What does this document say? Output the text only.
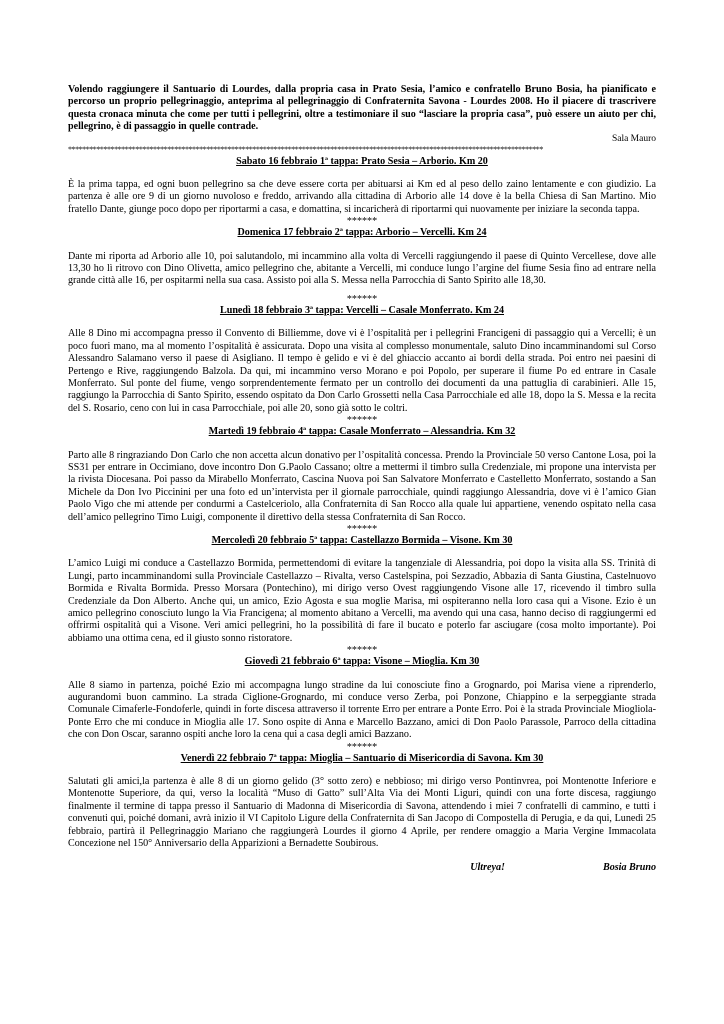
Volendo raggiungere il Santuario di Lourdes, dalla propria casa in Prato Sesia, l’amico e confratello Bruno Bosia, ha pianificato e percorso un proprio pellegrinaggio, anteprima al pellegrinaggio di Confraternita Savona - Lourdes 2008. Ho il piacere di trascrivere questa cronaca minuta che come per tutti i pellegrini, oltre a testimoniare il suo “lasciare la propria casa”, può essere un aiuto per chi, pellegrino, è di passaggio in quelle contrade.

Sala Mauro

**************************************************************************************************************************************

Sabato 16 febbraio 1ª tappa: Prato Sesia – Arborio. Km 20

È la prima tappa, ed ogni buon pellegrino sa che deve essere corta per abituarsi ai Km ed al peso dello zaino lentamente e con giudizio. La partenza è alle ore 9 di un giorno nuvoloso e freddo, arrivando alla cittadina di Arborio alle 14 dove è la bella Chiesa di San Martino. Mio fratello Dante, giunge poco dopo per riportarmi a casa, e domattina, si incaricherà di riportarmi qui nuovamente per iniziare la seconda tappa.

******

Domenica 17 febbraio 2ª tappa: Arborio – Vercelli. Km 24

Dante mi riporta ad Arborio alle 10, poi salutandolo, mi incammino alla volta di Vercelli raggiungendo il paese di Quinto Vercellese, dove alle 13,30 ho lì ritrovo con Dino Olivetta, amico pellegrino che, abitante a Vercelli, mi conduce lungo l’argine del fiume Sesia fino ad entrare nella grande città alle 16, per ospitarmi nella sua casa. Assisto poi alla S. Messa nella Parrocchia di Santo Spirito alle 18,30.

******

Lunedì 18 febbraio 3ª tappa: Vercelli – Casale Monferrato. Km 24

Alle 8 Dino mi accompagna presso il Convento di Billiemme, dove vi è l’ospitalità per i pellegrini Francigeni di passaggio qui a Vercelli; è un poco fuori mano, ma al momento l’ospitalità è assicurata. Dopo una visita al complesso monumentale, saluto Dino incamminandomi sul Corso Alessandro Salamano verso il paese di Asigliano. Il tempo è gelido e vi è del ghiaccio accanto ai bordi della strada. Poi entro nei paesini di Pertengo e Rive, raggiungendo Balzola. Da qui, mi incammino verso Morano e poi Popolo, per superare il fiume Po ed entrare in Casale Monferrato. Sul ponte del fiume, vengo sorprendentemente fermato per un controllo dei documenti da una pattuglia di carabinieri. Alle 15, raggiungo la Parrocchia di Santo Spirito, essendo ospitato da Don Carlo Grossetti nella Casa Parrocchiale ed alle 18, dopo la S. Messa e la recita del S. Rosario, ceno con lui in casa Parrocchiale, poi alle 20, sono già sotto le coltri.

******

Martedì 19 febbraio 4ª tappa: Casale Monferrato – Alessandria. Km 32

Parto alle 8 ringraziando Don Carlo che non accetta alcun donativo per l’ospitalità concessa. Prendo la Provinciale 50 verso Cantone Losa, poi la SS31 per entrare in Occimiano, dove incontro Don G.Paolo Cassano; oltre a mettermi il timbro sulla Credenziale, mi propone una intervista per la rivista Diocesana. Poi passo da Mirabello Monferrato, Cascina Nuova poi San Salvatore Monferrato e Castelletto Monferrato, sostando a San Michele da Don Ivo Piccinini per una foto ed un’intervista per il giornale parrocchiale, quindi raggiungo Alessandria, dove vi è l’amico Gian Paolo Vigo che mi attende per condurmi a Castelceriolo, alla Confraternita di San Rocco alla quale lui appartiene, venendo ospitato nella casa dell’amico pellegrino Timo Luigi, componente il direttivo della stessa Confraternita di San Rocco.

******

Mercoledì 20 febbraio 5ª tappa: Castellazzo Bormida – Visone. Km 30

L’amico Luigi mi conduce a Castellazzo Bormida, permettendomi di evitare la tangenziale di Alessandria, poi dopo la visita alla SS. Trinità di Lungi, parto incamminandomi sulla Provinciale Castellazzo – Rivalta, verso Castelspina, poi Sezzadio, Abbazia di Santa Giustina, Castelnuovo Bormida e Rivalta Bormida. Presso Morsara (Pontechino), mi dirigo verso Ovest raggiungendo Visone alle 17, ricevendo il timbro sulla Credenziale da Don Alberto. Anche qui, un amico, Ezio Agosta e sua moglie Marisa, mi ospiteranno nella loro casa qui a Visone. Ezio è un amico pellegrino conosciuto lungo la Via Francigena; al momento abitano a Vercelli, ma avendo qui una casa, hanno deciso di raggiungermi ed offrirmi ospitalità qui a Visone. Veri amici pellegrini, ho la possibilità di fare il bucato e poterlo far asciugare (cosa molto importante). Poi abbiamo una ottima cena, ed il giusto sonno ristoratore.

******

Giovedì 21 febbraio 6ª tappa: Visone – Mioglia. Km 30

Alle 8 siamo in partenza, poiché Ezio mi accompagna lungo stradine da lui conosciute fino a Grognardo, poi Marisa viene a riprenderlo, augurandomi buon cammino. La strada Ciglione-Grognardo, mi conduce verso Zerba, poi Ponzone, Chiappino e la serpeggiante strada Comunale Cimaferle-Fondoferle, quindi in forte discesa attraverso il torrente Erro per entrare a Ponte Erro. Poi è la strada Provinciale Miogliola-Ponte Erro che mi conduce in Mioglia alle 17. Sono ospite di Anna e Marcello Bazzano, amici di Don Paolo Parassole, Parroco della cittadina che con Don Oscar, saranno ospiti anche loro la cena qui a casa degli amici Bazzano.

******

Venerdì 22 febbraio 7ª tappa: Mioglia – Santuario di Misericordia di Savona. Km 30

Salutati gli amici,la partenza è alle 8 di un giorno gelido (3° sotto zero) e nebbioso; mi dirigo verso Pontinvrea, poi Montenotte Inferiore e Montenotte Superiore, da qui, verso la località “Muso di Gatto” sull’Alta Via dei Monti Liguri, quindi con una forte discesa, raggiungo finalmente il termine di tappa presso il Santuario di Madonna di Misericordia di Savona, attendendo i miei 7 confratelli di cammino, e tutti i convenuti qui, poiché domani, avrà inizio il VI Capitolo Ligure della Confraternita di San Jacopo di Compostella di Perugia, e da qui, Lunedì 25 febbraio, partirà il Pellegrinaggio Mariano che raggiungerà Lourdes il giorno 4 Aprile, per rendere omaggio a Maria Vergine Immacolata Concezione nel 150° Anniversario della Apparizioni a Bernadette Soubirous.

Ultreya!	Bosia Bruno
